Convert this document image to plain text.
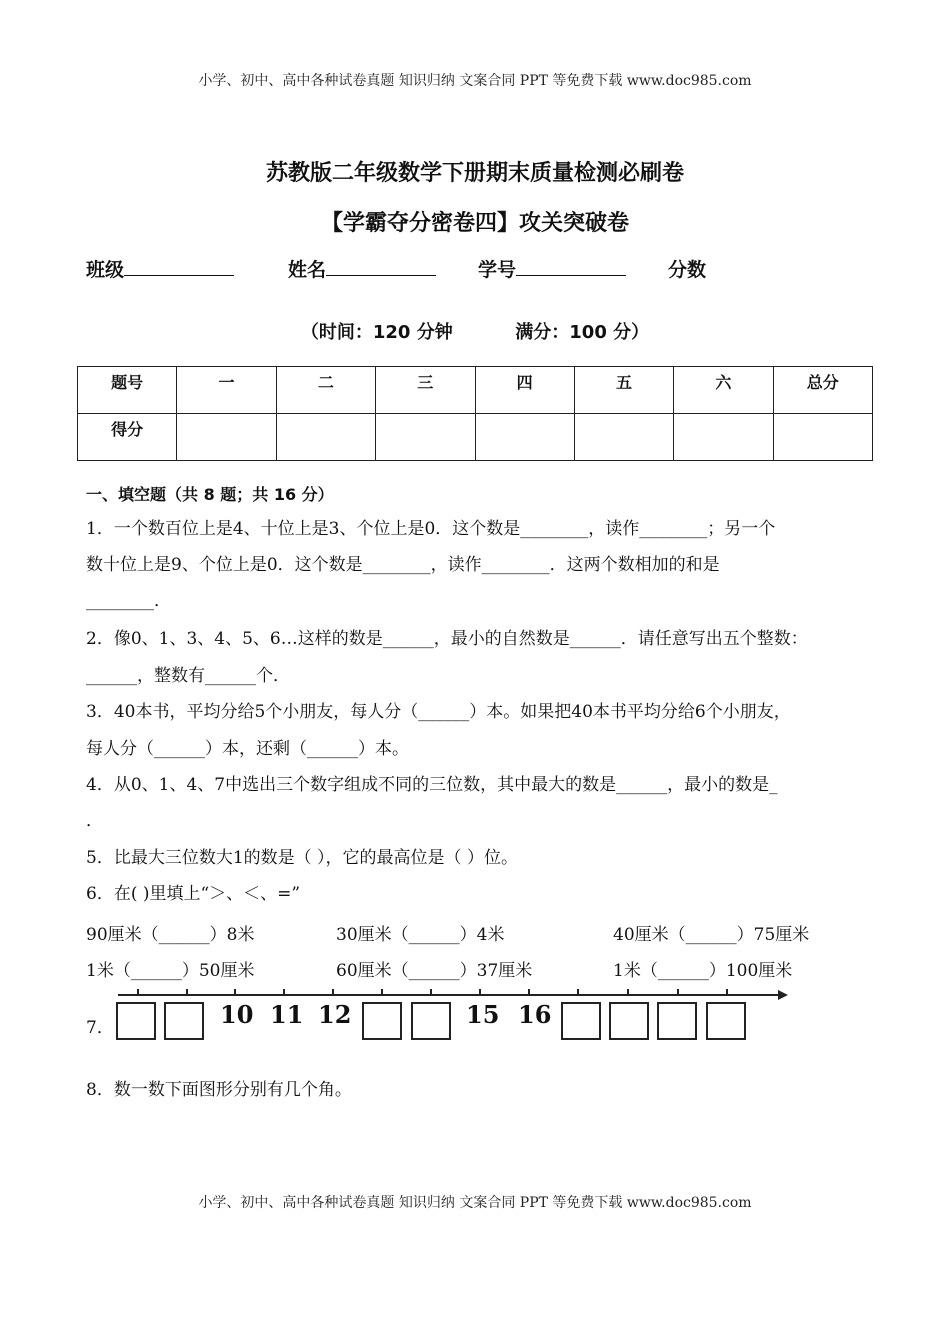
小学、初中、高中各种试卷真题 知识归纳 文案合同 PPT 等免费下载 www.doc985.com
苏教版二年级数学下册期末质量检测必刷卷
【学霸夺分密卷四】攻关突破卷
班级	姓名	学号	分数
（时间：120 分钟	满分：100 分）
题号	一	二	三	四	五	六	总分
得分							
一、填空题（共 8 题；共 16 分）
1．一个数百位上是4、十位上是3、个位上是0．这个数是________，读作________；另一个
数十位上是9、个位上是0．这个数是________，读作________．这两个数相加的和是
________．
2．像0、1、3、4、5、6…这样的数是______，最小的自然数是______．请任意写出五个整数：
______，整数有______个．
3．40本书，平均分给5个小朋友，每人分（______）本。如果把40本书平均分给6个小朋友，
每人分（______）本，还剩（______）本。
4．从0、1、4、7中选出三个数字组成不同的三位数，其中最大的数是______，最小的数是_
．
5．比最大三位数大1的数是（ ），它的最高位是（ ）位。
6．在( )里填上“＞、＜、=”
90厘米（______）8米	30厘米（______）4米	40厘米（______）75厘米
1米（______）50厘米	60厘米（______）37厘米	1米（______）100厘米
7．	10 11 12	15 16
8．数一数下面图形分别有几个角。
小学、初中、高中各种试卷真题 知识归纳 文案合同 PPT 等免费下载 www.doc985.com
